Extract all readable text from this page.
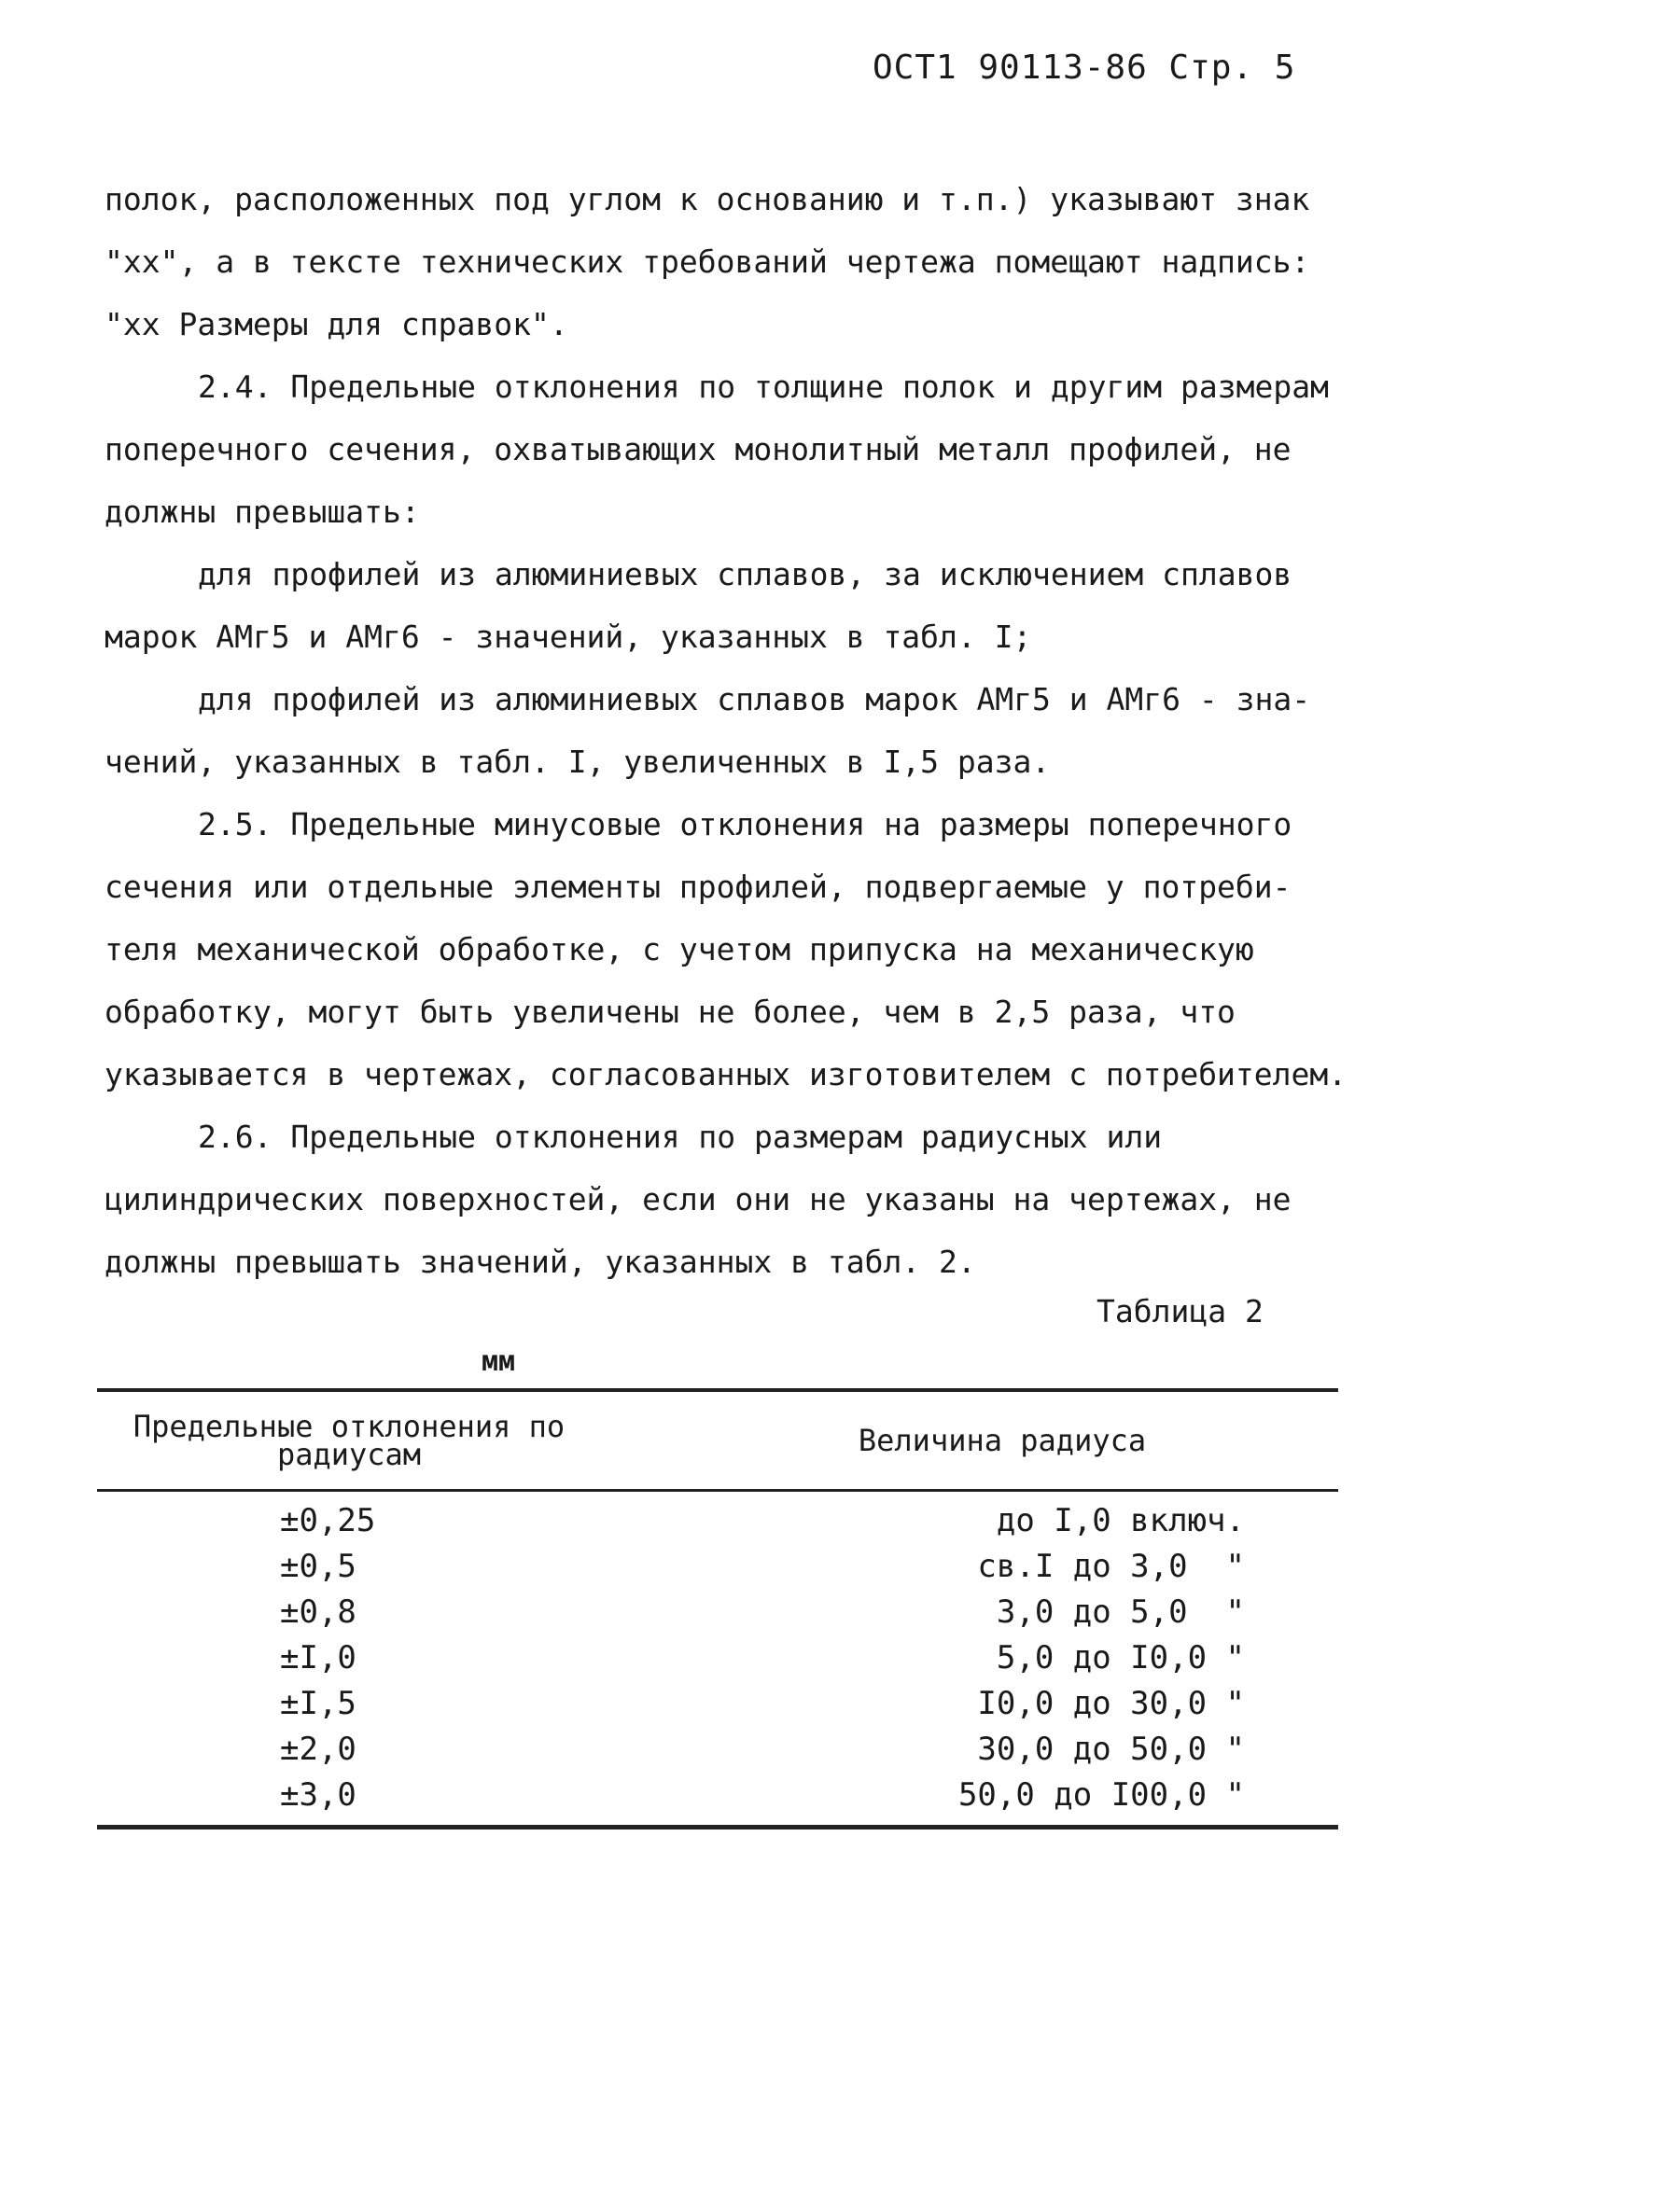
ОСТ1 90113-86 Стр. 5
полок, расположенных под углом к основанию и т.п.) указывают знак
"хх", а в тексте технических требований чертежа помещают надпись:
"хх Размеры для справок".
2.4. Предельные отклонения по толщине полок и другим размерам
поперечного сечения, охватывающих монолитный металл профилей, не
должны превышать:
для профилей из алюминиевых сплавов, за исключением сплавов
марок АМг5 и АМг6 - значений, указанных в табл. I;
для профилей из алюминиевых сплавов марок АМг5 и АМг6 - зна-
чений, указанных в табл. I, увеличенных в I,5 раза.
2.5. Предельные минусовые отклонения на размеры поперечного
сечения или отдельные элементы профилей, подвергаемые у потреби-
теля механической обработке, с учетом припуска на механическую
обработку, могут быть увеличены не более, чем в 2,5 раза, что
указывается в чертежах, согласованных изготовителем с потребителем.
2.6. Предельные отклонения по размерам радиусных или
цилиндрических поверхностей, если они не указаны на чертежах, не
должны превышать значений, указанных в табл. 2.
Таблица 2
мм
Предельные отклонения по
радиусам	Величина радиуса
±0,25	до I,0 включ.
±0,5	св.I до 3,0  "
±0,8	3,0 до 5,0  "
±I,0	5,0 до I0,0 "
±I,5	I0,0 до 30,0 "
±2,0	30,0 до 50,0 "
±3,0	50,0 до I00,0 "
